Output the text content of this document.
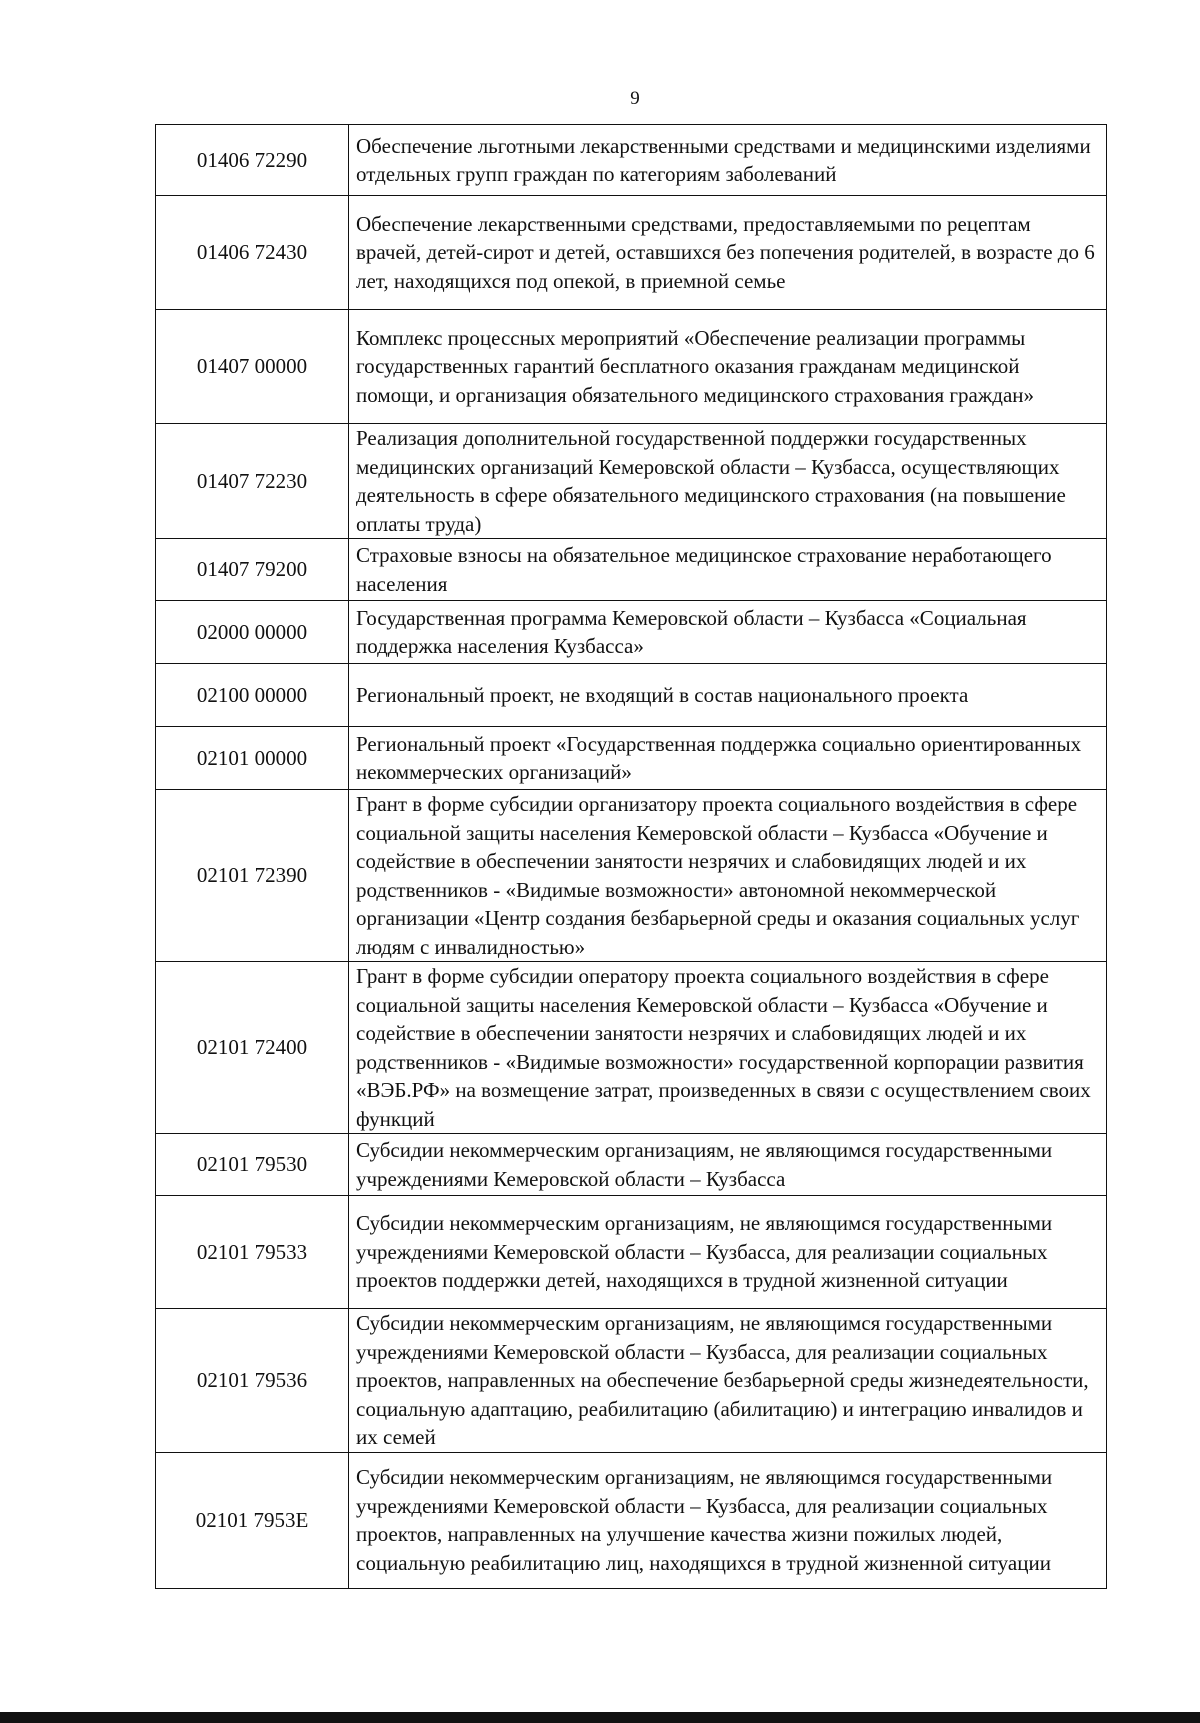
9
01406 72290	Обеспечение льготными лекарственными средствами и медицинскими изделиями отдельных групп граждан по категориям заболеваний
01406 72430	Обеспечение лекарственными средствами, предоставляемыми по рецептам врачей, детей-сирот и детей, оставшихся без попечения родителей, в возрасте до 6 лет, находящихся под опекой, в приемной семье
01407 00000	Комплекс процессных мероприятий «Обеспечение реализации программы государственных гарантий бесплатного оказания гражданам медицинской помощи, и организация обязательного медицинского страхования граждан»
01407 72230	Реализация дополнительной государственной поддержки государственных медицинских организаций Кемеровской области – Кузбасса, осуществляющих деятельность в сфере обязательного медицинского страхования (на повышение оплаты труда)
01407 79200	Страховые взносы на обязательное медицинское страхование неработающего населения
02000 00000	Государственная программа Кемеровской области – Кузбасса «Социальная поддержка населения Кузбасса»
02100 00000	Региональный проект, не входящий в состав национального проекта
02101 00000	Региональный проект «Государственная поддержка социально ориентированных некоммерческих организаций»
02101 72390	Грант в форме субсидии организатору проекта социального воздействия в сфере социальной защиты населения Кемеровской области – Кузбасса «Обучение и содействие в обеспечении занятости незрячих и слабовидящих людей и их родственников - «Видимые возможности» автономной некоммерческой организации «Центр создания безбарьерной среды и оказания социальных услуг людям с инвалидностью»
02101 72400	Грант в форме субсидии оператору проекта социального воздействия в сфере социальной защиты населения Кемеровской области – Кузбасса «Обучение и содействие в обеспечении занятости незрячих и слабовидящих людей и их родственников - «Видимые возможности» государственной корпорации развития «ВЭБ.РФ» на возмещение затрат, произведенных в связи с осуществлением своих функций
02101 79530	Субсидии некоммерческим организациям, не являющимся государственными учреждениями Кемеровской области – Кузбасса
02101 79533	Субсидии некоммерческим организациям, не являющимся государственными учреждениями Кемеровской области – Кузбасса, для реализации социальных проектов поддержки детей, находящихся в трудной жизненной ситуации
02101 79536	Субсидии некоммерческим организациям, не являющимся государственными учреждениями Кемеровской области – Кузбасса, для реализации социальных проектов, направленных на обеспечение безбарьерной среды жизнедеятельности, социальную адаптацию, реабилитацию (абилитацию) и интеграцию инвалидов и их семей
02101 7953Е	Субсидии некоммерческим организациям, не являющимся государственными учреждениями Кемеровской области – Кузбасса, для реализации социальных проектов, направленных на улучшение качества жизни пожилых людей, социальную реабилитацию лиц, находящихся в трудной жизненной ситуации
